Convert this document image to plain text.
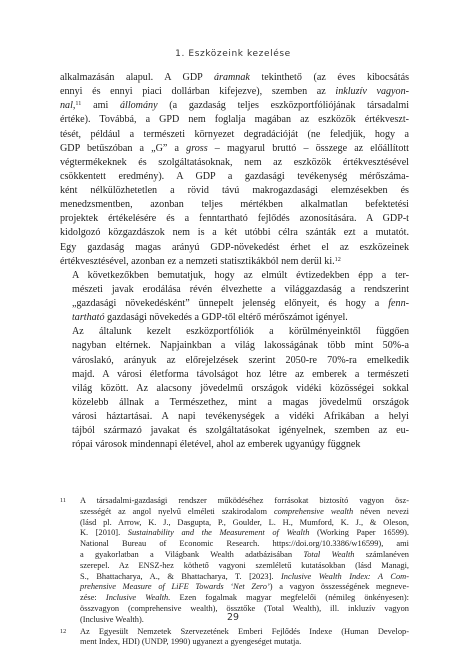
1. Eszközeink kezelése

alkalmazásán alapul. A GDP áramnak tekinthető (az éves kibocsátás
ennyi és ennyi piaci dollárban kifejezve), szemben az inkluzív vagyon-
nal,$^{11}$ ami állomány (a gazdaság teljes eszközportfóliójának társadalmi
értéke). Továbbá, a GPD nem foglalja magában az eszközök értékveszt-
tését, például a természeti környezet degradációját (ne feledjük, hogy a
GDP betűszóban a „G” a gross – magyarul bruttó – összege az előállított
végtermékeknek és szolgáltatásoknak, nem az eszközök értékvesztésével
csökkentett eredmény). A GDP a gazdasági tevékenység mérőszáma-
ként nélkülözhetetlen a rövid távú makrogazdasági elemzésekben és
menedzsmentben, azonban teljes mértékben alkalmatlan befektetési
projektek értékelésére és a fenntartható fejlődés azonosítására. A GDP-t
kidolgozó közgazdászok nem is a két utóbbi célra szánták ezt a mutatót.
Egy gazdaság magas arányú GDP-növekedést érhet el az eszközeinek
értékvesztésével, azonban ez a nemzeti statisztikákból nem derül ki.$^{12}$

A következőkben bemutatjuk, hogy az elmúlt évtizedekben épp a ter-
mészeti javak erodálása révén élvezhette a világgazdaság a rendszerint
„gazdasági növekedésként” ünnepelt jelenség előnyeit, és hogy a fenn-
tartható gazdasági növekedés a GDP-től eltérő mérőszámot igényel.

Az általunk kezelt eszközportfóliók a körülményeinktől függően
nagyban eltérnek. Napjainkban a világ lakosságának több mint 50%-a
városlakó, arányuk az előrejelzések szerint 2050-re 70%-ra emelkedik
majd. A városi életforma távolságot hoz létre az emberek a természeti
világ között. Az alacsony jövedelmű országok vidéki közösségei sokkal
közelebb állnak a Természethez, mint a magas jövedelmű országok
városi háztartásai. A napi tevékenységek a vidéki Afrikában a helyi
tájból származó javakat és szolgáltatásokat igényelnek, szemben az eu-
rópai városok mindennapi életével, ahol az emberek ugyanúgy függnek

11 A társadalmi-gazdasági rendszer működéséhez forrásokat biztosító vagyon ösz-
szességét az angol nyelvű elméleti szakirodalom comprehensive wealth néven nevezi
(lásd pl. Arrow, K. J., Dasgupta, P., Goulder, L. H., Mumford, K. J., & Oleson,
K. [2010]. Sustainability and the Measurement of Wealth (Working Paper 16599).
National Bureau of Economic Research. https://doi.org/10.3386/w16599), ami
a gyakorlatban a Világbank Wealth adatbázisában Total Wealth számlanéven
szerepel. Az ENSZ-hez köthető vagyoni szemléletű kutatásokban (lásd Managi,
S., Bhattacharya, A., & Bhattacharya, T. [2023]. Inclusive Wealth Index: A Com-
prehensive Measure of LiFE Towards ‘Net Zero’) a vagyon összességének megneve-
zése: Inclusive Wealth. Ezen fogalmak magyar megfelelői (némileg önkényesen):
összvagyon (comprehensive wealth), össztőke (Total Wealth), ill. inkluzív vagyon
(Inclusive Wealth).
12 Az Egyesült Nemzetek Szervezetének Emberi Fejlődés Indexe (Human Develop-
ment Index, HDI) (UNDP, 1990) ugyanezt a gyengeséget mutatja.
29
